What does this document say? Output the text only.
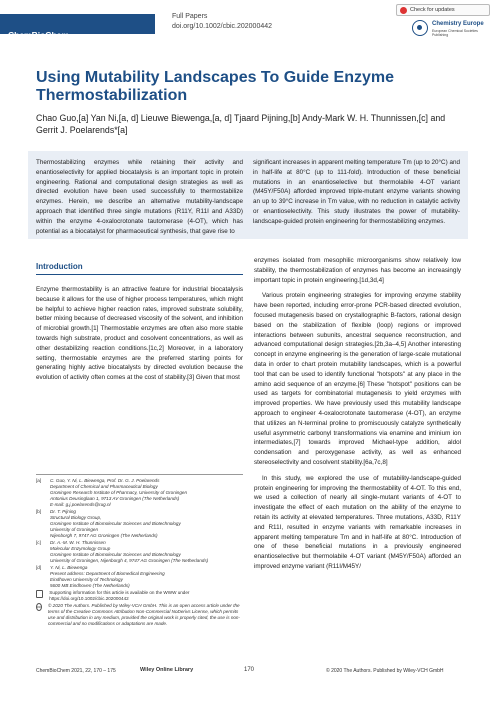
ChemBioChem
Full Papers
doi.org/10.1002/cbic.202000442
Check for updates
Chemistry Europe
European Chemical Societies Publishing
Using Mutability Landscapes To Guide Enzyme Thermostabilization
Chao Guo,[a] Yan Ni,[a, d] Lieuwe Biewenga,[a, d] Tjaard Pijning,[b] Andy-Mark W. H. Thunnissen,[c] and Gerrit J. Poelarends*[a]

Thermostabilizing enzymes while retaining their activity and enantioselectivity for applied biocatalysis is an important topic in protein engineering. Rational and computational design strategies as well as directed evolution have been used successfully to thermostabilize enzymes. Herein, we describe an alternative mutability-landscape approach that identified three single mutations (R11Y, R11I and A33D) within the enzyme 4-oxalocrotonate tautomerase (4-OT), which has potential as a biocatalyst for pharmaceutical synthesis, that gave rise to

significant increases in apparent melting temperature Tm (up to 20°C) and in half-life at 80°C (up to 111-fold). Introduction of these beneficial mutations in an enantioselective but thermolabile 4-OT variant (M45Y/F50A) afforded improved triple-mutant enzyme variants showing an up to 39°C increase in Tm value, with no reduction in catalytic activity or enantioselectivity. This study illustrates the power of mutability-landscape-guided protein engineering for thermostabilizing enzymes.

Introduction
Enzyme thermostability is an attractive feature for industrial biocatalysis because it allows for the use of higher process temperatures, which might be helpful to achieve higher reaction rates, improved substrate solubility, better mixing because of decreased viscosity of the solvent, and inhibition of microbial growth.[1] Thermostable enzymes are often also more stable towards high substrate, product and cosolvent concentrations, as well as other destabilizing reaction conditions.[1c,2] Moreover, in a laboratory setting, thermostable enzymes are the preferred starting points for generating highly active biocatalysts by directed evolution because the evolution of activity often comes at the cost of stability.[3] Given that most

enzymes isolated from mesophilic microorganisms show relatively low stability, the thermostabilization of enzymes has become an increasingly important topic in protein engineering.[1d,3d,4]

Various protein engineering strategies for improving enzyme stability have been reported, including error-prone PCR-based directed evolution, focused mutagenesis based on crystallographic B-factors, rational design based on the stabilization of flexible (loop) regions or improved interactions between subunits, ancestral sequence reconstruction, and advanced computational design strategies.[2b,3a–4,5] Another interesting concept in enzyme engineering is the generation of large-scale mutational data in order to chart protein mutability landscapes, which is a powerful tool that can be used to identify functional "hotspots" at any place in the amino acid sequence of an enzyme.[6] These "hotspot" positions can be used as targets for combinatorial mutagenesis to yield enzymes with improved properties. We have previously used this mutability landscape approach to engineer 4-oxalocrotonate tautomerase (4-OT), an enzyme that utilizes an N-terminal proline to promiscuously catalyze synthetically useful asymmetric carbonyl transformations via enamine and iminium ion intermediates,[7] towards improved Michael-type addition, aldol condensation and peroxygenase activity, as well as enhanced stereoselectivity and cosolvent stability.[6a,7c,8]

In this study, we explored the use of mutability-landscape-guided protein engineering for improving the thermostability of 4-OT. To this end, we used a collection of nearly all single-mutant variants of 4-OT to investigate the effect of each mutation on the ability of the enzyme to retain its activity at elevated temperatures. Three mutations, A33D, R11Y and R11I, resulted in enzyme variants with remarkable increases in apparent melting temperature Tm and in half-life at 80°C. Introduction of one of these beneficial mutations in a previously engineered enantioselective but thermolabile 4-OT variant (M45Y/F50A) afforded an improved enzyme variant (R11I/M45Y/

[a]	C. Guo, Y. Ni, L. Biewenga, Prof. Dr. G. J. Poelarends
Department of Chemical and Pharmaceutical Biology
Groningen Research Institute of Pharmacy, University of Groningen
Antonius Deusinglaan 1, 9713 AV Groningen (The Netherlands)
E-mail: g.j.poelarends@rug.nl
[b]	Dr. T. Pijning
Structural Biology Group,
Groningen Institute of Biomolecular Sciences and Biotechnology
University of Groningen
Nijenborgh 7, 9747 AG Groningen (The Netherlands)
[c]	Dr. A.-M. W. H. Thunnissen
Molecular Enzymology Group
Groningen Institute of Biomolecular Sciences and Biotechnology
University of Groningen, Nijenborgh 4, 9747 AG Groningen (The Netherlands)
[d]	Y. Ni, L. Biewenga
Present address: Department of Biomedical Engineering
Eindhoven University of Technology
5600 MB Eindhoven (The Netherlands)
Supporting information for this article is available on the WWW under https://doi.org/10.1002/cbic.202000442
cc © 2020 The Authors. Published by Wiley-VCH GmbH. This is an open access article under the terms of the Creative Commons Attribution Non-Commercial NoDerivs License, which permits use and distribution in any medium, provided the original work is properly cited, the use is non-commercial and no modifications or adaptations are made.
ChemBioChem 2021, 22, 170 – 175	Wiley Online Library	170	© 2020 The Authors. Published by Wiley-VCH GmbH
